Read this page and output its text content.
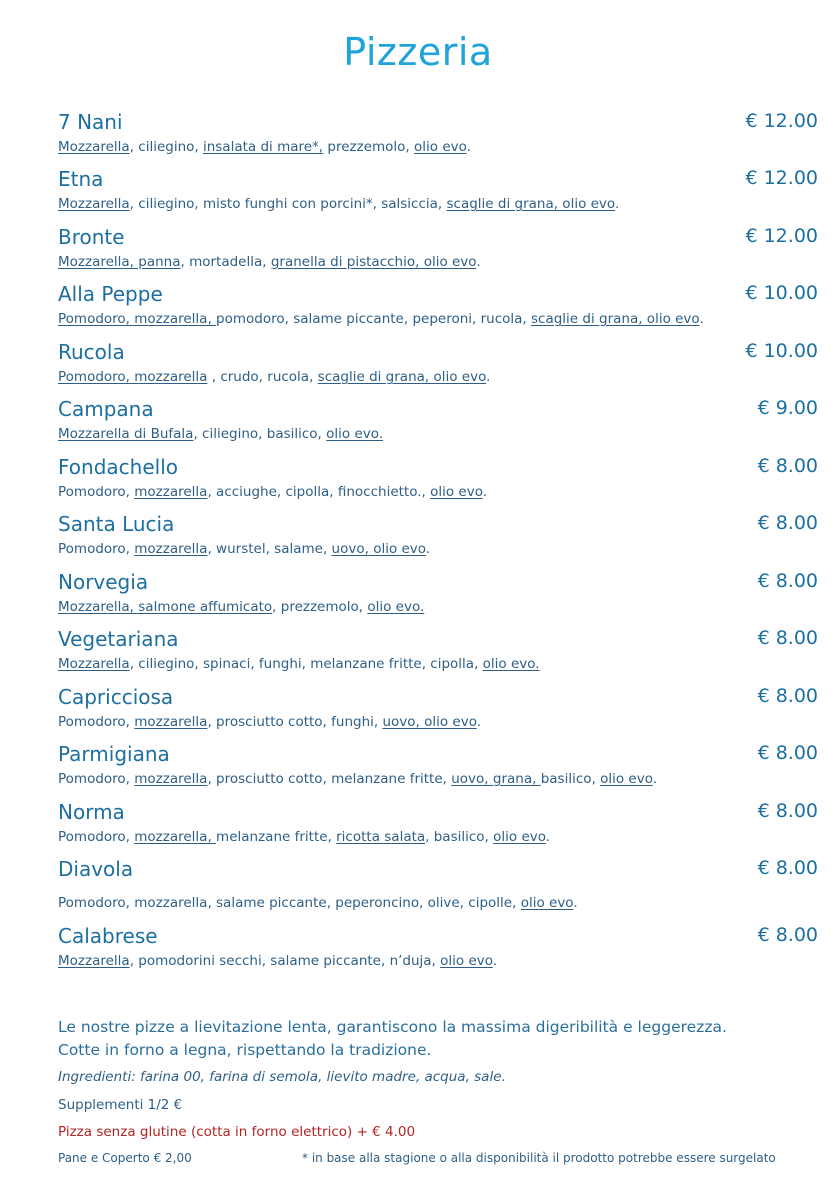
Pizzeria
7 Nani	€ 12.00
Mozzarella, ciliegino, insalata di mare*, prezzemolo, olio evo.
Etna	€ 12.00
Mozzarella, ciliegino, misto funghi con porcini*, salsiccia, scaglie di grana, olio evo.
Bronte	€ 12.00
Mozzarella, panna, mortadella, granella di pistacchio, olio evo.
Alla Peppe	€ 10.00
Pomodoro, mozzarella, pomodoro, salame piccante, peperoni, rucola, scaglie di grana, olio evo.
Rucola	€ 10.00
Pomodoro, mozzarella , crudo, rucola, scaglie di grana, olio evo.
Campana	€ 9.00
Mozzarella di Bufala, ciliegino, basilico, olio evo.
Fondachello	€ 8.00
Pomodoro, mozzarella, acciughe, cipolla, finocchietto., olio evo.
Santa Lucia	€ 8.00
Pomodoro, mozzarella, wurstel, salame, uovo, olio evo.
Norvegia	€ 8.00
Mozzarella, salmone affumicato, prezzemolo, olio evo.
Vegetariana	€ 8.00
Mozzarella, ciliegino, spinaci, funghi, melanzane fritte, cipolla, olio evo.
Capricciosa	€ 8.00
Pomodoro, mozzarella, prosciutto cotto, funghi, uovo, olio evo.
Parmigiana	€ 8.00
Pomodoro, mozzarella, prosciutto cotto, melanzane fritte, uovo, grana, basilico, olio evo.
Norma	€ 8.00
Pomodoro, mozzarella, melanzane fritte, ricotta salata, basilico, olio evo.
Diavola	€ 8.00
Pomodoro, mozzarella, salame piccante, peperoncino, olive, cipolle, olio evo.
Calabrese	€ 8.00
Mozzarella, pomodorini secchi, salame piccante, n’duja, olio evo.
Le nostre pizze a lievitazione lenta, garantiscono la massima digeribilità e leggerezza.
Cotte in forno a legna, rispettando la tradizione.
Ingredienti: farina 00, farina di semola, lievito madre, acqua, sale.
Supplementi 1/2 €
Pizza senza glutine (cotta in forno elettrico) + € 4.00
Pane e Coperto € 2,00	* in base alla stagione o alla disponibilità il prodotto potrebbe essere surgelato
